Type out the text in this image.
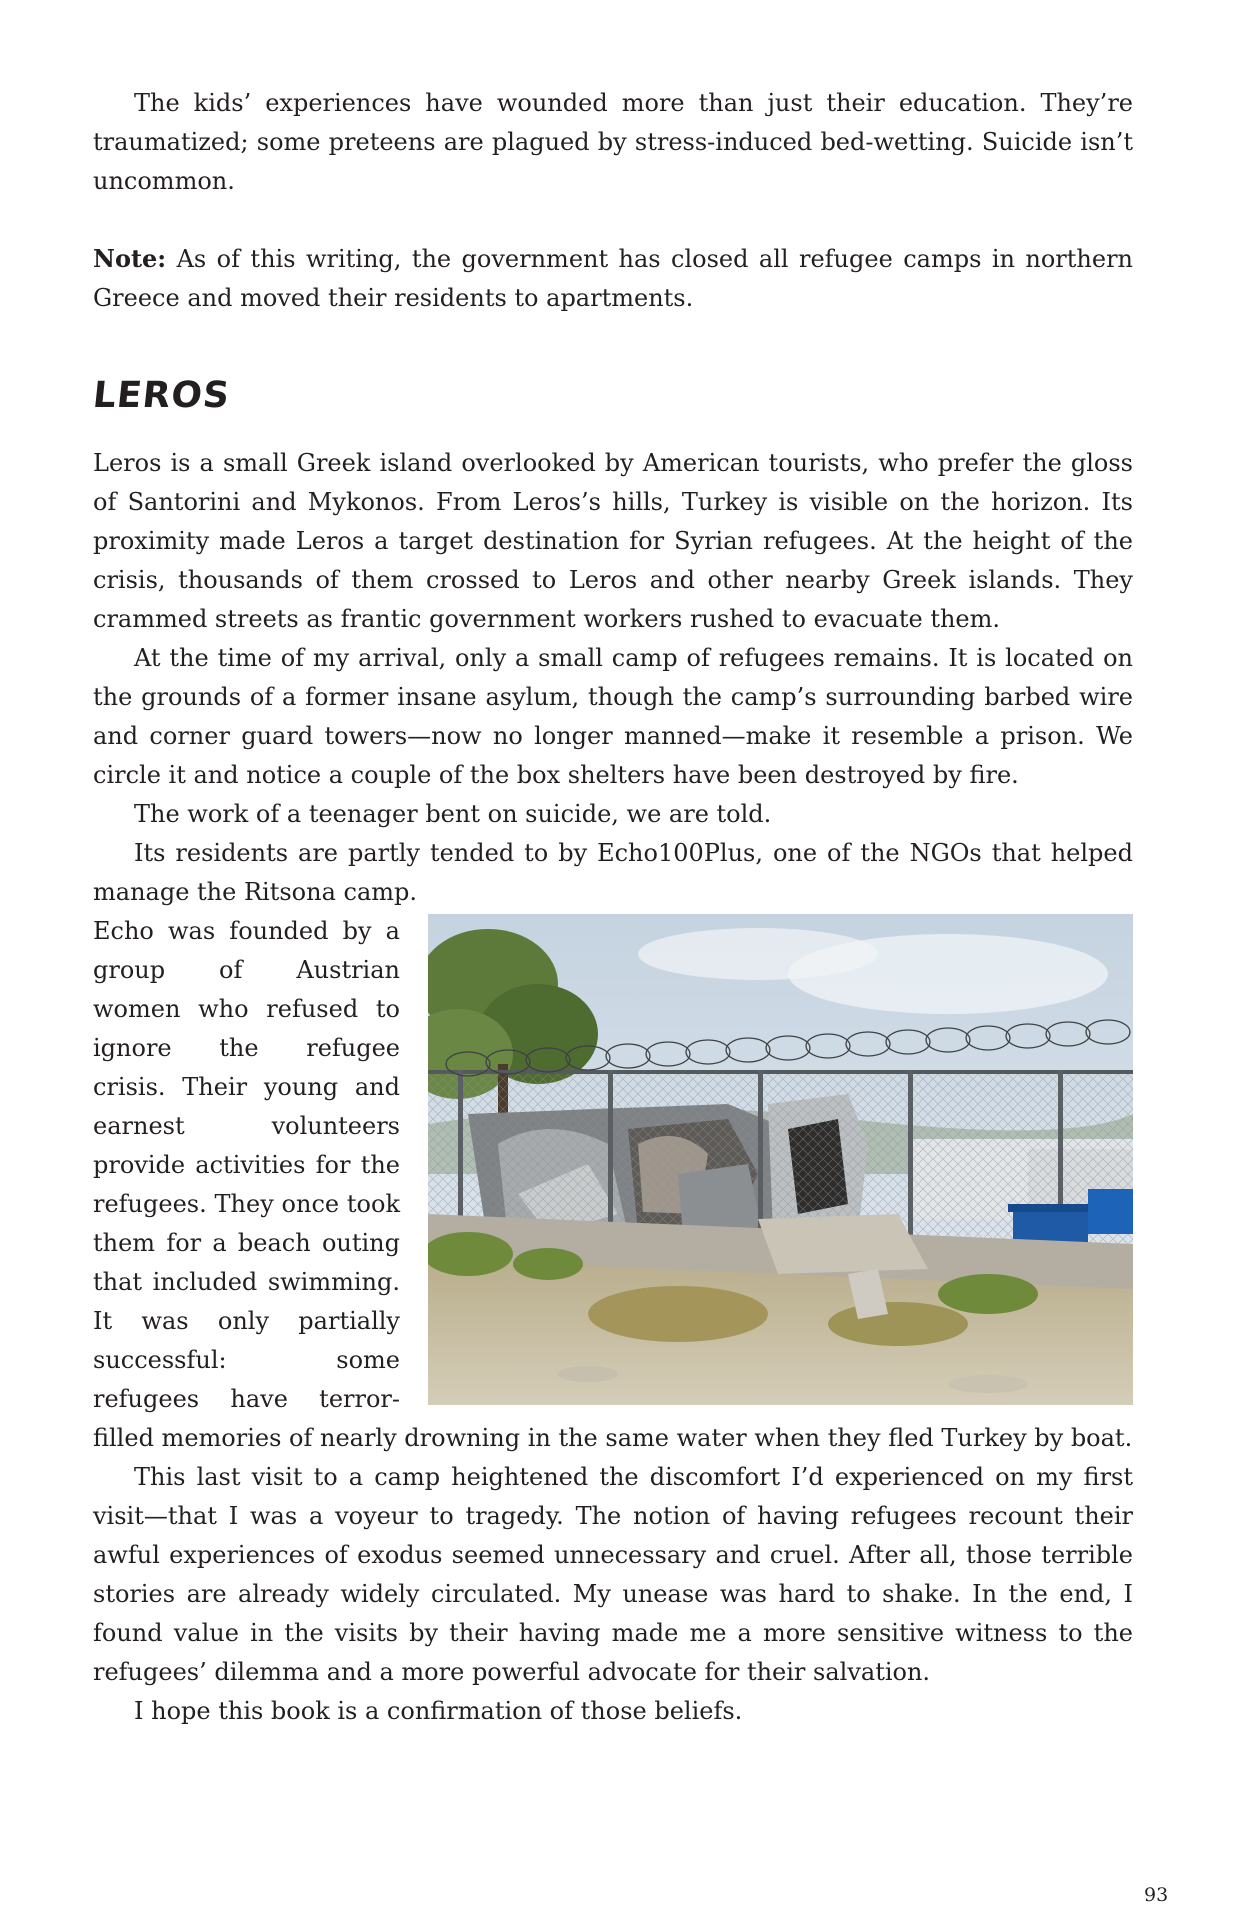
The kids’ experiences have wounded more than just their education. They’re traumatized; some preteens are plagued by stress-induced bed-wetting. Suicide isn’t uncommon.

Note: As of this writing, the government has closed all refugee camps in northern Greece and moved their residents to apartments.

LEROS

Leros is a small Greek island overlooked by American tourists, who prefer the gloss of Santorini and Mykonos. From Leros’s hills, Turkey is visible on the horizon. Its proximity made Leros a target destination for Syrian refugees. At the height of the crisis, thousands of them crossed to Leros and other nearby Greek islands. They crammed streets as frantic government workers rushed to evacuate them.

At the time of my arrival, only a small camp of refugees remains. It is located on the grounds of a former insane asylum, though the camp’s surrounding barbed wire and corner guard towers—now no longer manned—make it resemble a prison. We circle it and notice a couple of the box shelters have been destroyed by fire.

The work of a teenager bent on suicide, we are told.

Its residents are partly tended to by Echo100Plus, one of the NGOs that helped manage the Ritsona camp.

Echo was founded by a group of Austrian women who refused to ignore the refugee crisis. Their young and earnest volunteers provide activities for the refugees. They once took them for a beach outing that included swimming. It was only partially successful: some refugees have terror-filled memories of nearly drowning in the same water when they fled Turkey by boat.

This last visit to a camp heightened the discomfort I’d experienced on my first visit—that I was a voyeur to tragedy. The notion of having refugees recount their awful experiences of exodus seemed unnecessary and cruel. After all, those terrible stories are already widely circulated. My unease was hard to shake. In the end, I found value in the visits by their having made me a more sensitive witness to the refugees’ dilemma and a more powerful advocate for their salvation.

I hope this book is a confirmation of those beliefs.

93
